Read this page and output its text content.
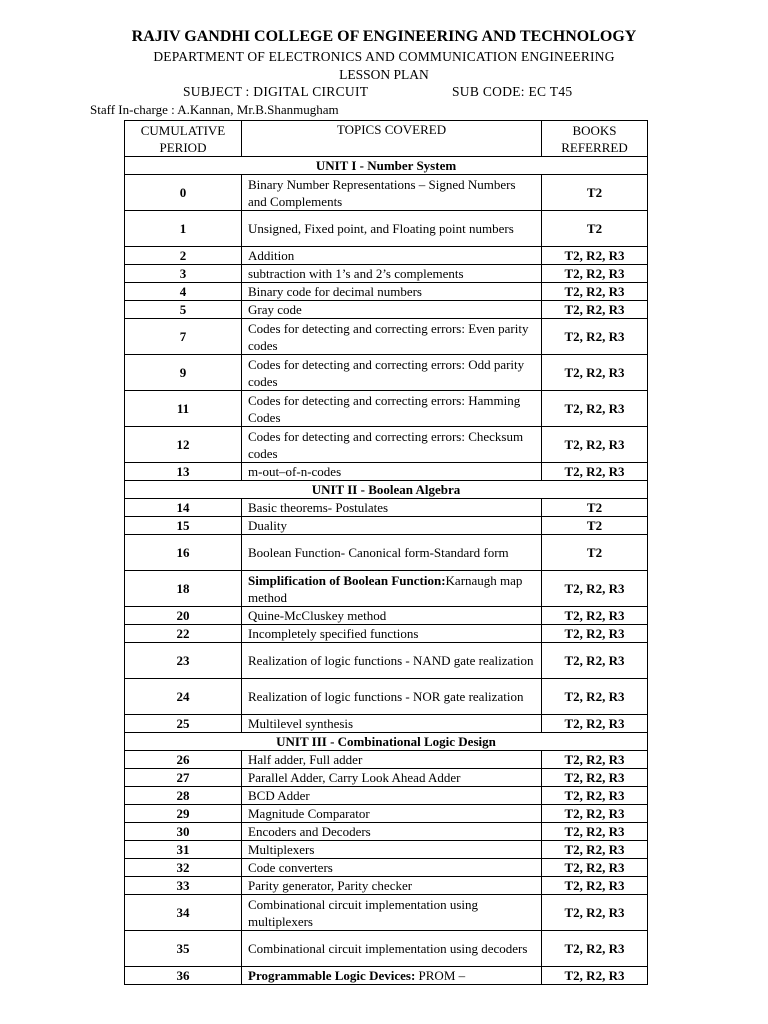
RAJIV GANDHI COLLEGE OF ENGINEERING AND TECHNOLOGY
DEPARTMENT OF ELECTRONICS AND COMMUNICATION ENGINEERING
LESSON PLAN
SUBJECT : DIGITAL CIRCUIT	SUB CODE: EC T45
Staff In-charge : A.Kannan, Mr.B.Shanmugham
CUMULATIVE
PERIOD	TOPICS COVERED	BOOKS
REFERRED
UNIT I - Number System		
0	Binary Number Representations – Signed Numbers and Complements	T2
1	Unsigned, Fixed point, and Floating point numbers	T2
2	Addition	T2, R2, R3
3	subtraction with 1’s and 2’s complements	T2, R2, R3
4	Binary code for decimal numbers	T2, R2, R3
5	Gray code	T2, R2, R3
7	Codes for detecting and correcting errors: Even parity codes	T2, R2, R3
9	Codes for detecting and correcting errors: Odd parity codes	T2, R2, R3
11	Codes for detecting and correcting errors: Hamming Codes	T2, R2, R3
12	Codes for detecting and correcting errors: Checksum codes	T2, R2, R3
13	m-out–of-n-codes	T2, R2, R3
UNIT II - Boolean Algebra		
14	Basic theorems- Postulates	T2
15	Duality	T2
16	Boolean Function- Canonical form-Standard form	T2
18	Simplification of Boolean Function:Karnaugh map method	T2, R2, R3
20	Quine-McCluskey method	T2, R2, R3
22	Incompletely specified functions	T2, R2, R3
23	Realization of logic functions - NAND gate realization	T2, R2, R3
24	Realization of logic functions - NOR gate realization	T2, R2, R3
25	Multilevel synthesis	T2, R2, R3
UNIT III - Combinational Logic Design		
26	Half adder, Full adder	T2, R2, R3
27	Parallel Adder, Carry Look Ahead Adder	T2, R2, R3
28	BCD Adder	T2, R2, R3
29	Magnitude Comparator	T2, R2, R3
30	Encoders and Decoders	T2, R2, R3
31	Multiplexers	T2, R2, R3
32	Code converters	T2, R2, R3
33	Parity generator, Parity checker	T2, R2, R3
34	Combinational circuit implementation using multiplexers	T2, R2, R3
35	Combinational circuit implementation using decoders	T2, R2, R3
36	Programmable Logic Devices: PROM –	T2, R2, R3
